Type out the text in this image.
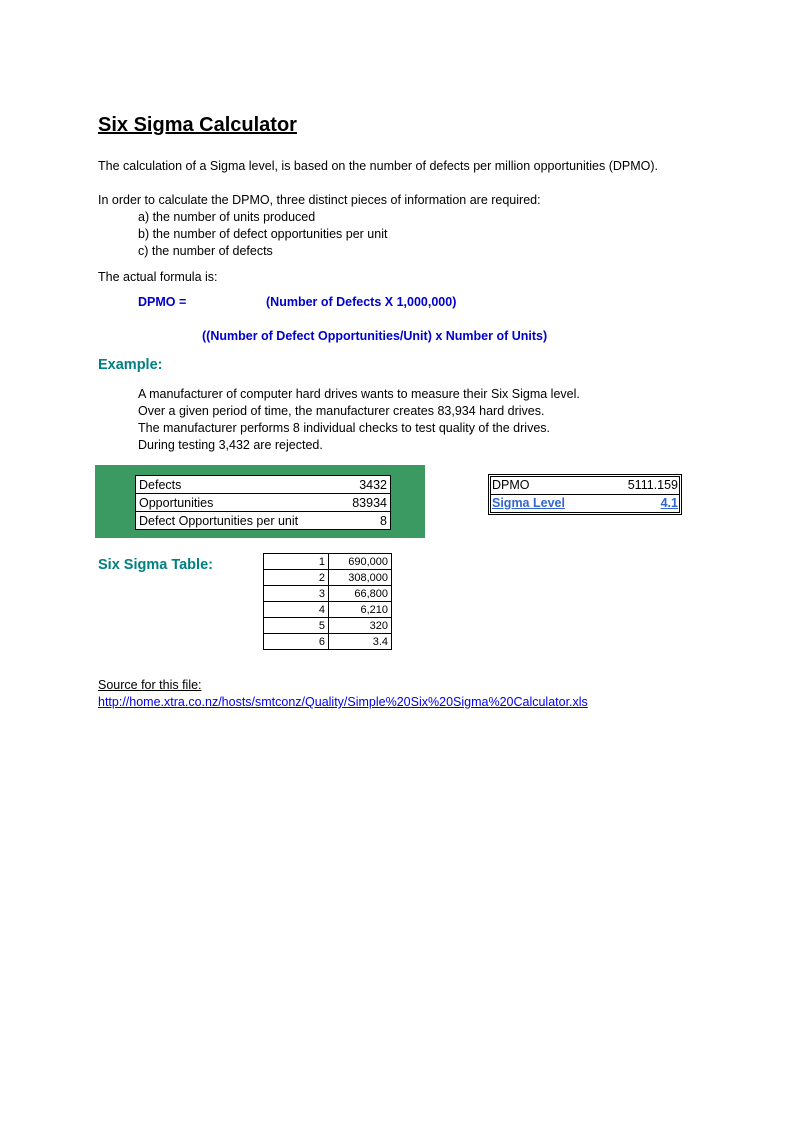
Six Sigma Calculator
The calculation of a Sigma level, is based on the number of defects per million opportunities (DPMO).
In order to calculate the DPMO, three distinct pieces of information are required:
a) the number of units produced
b) the number of defect opportunities per unit
c) the number of defects
The actual formula is:
DPMO =	(Number of Defects X 1,000,000)
((Number of Defect Opportunities/Unit) x Number of Units)
Example:
A manufacturer of computer hard drives wants to measure their Six Sigma level.
Over a given period of time, the manufacturer creates 83,934 hard drives.
The manufacturer performs 8 individual checks to test quality of the drives.
During testing 3,432 are rejected.
Defects	3432
Opportunities	83934
Defect Opportunities per unit	8
DPMO	5111.159
Sigma Level	4.1
Six Sigma Table:	1	690,000
2	308,000
3	66,800
4	6,210
5	320
6	3.4
Source for this file:
http://home.xtra.co.nz/hosts/smtconz/Quality/Simple%20Six%20Sigma%20Calculator.xls
